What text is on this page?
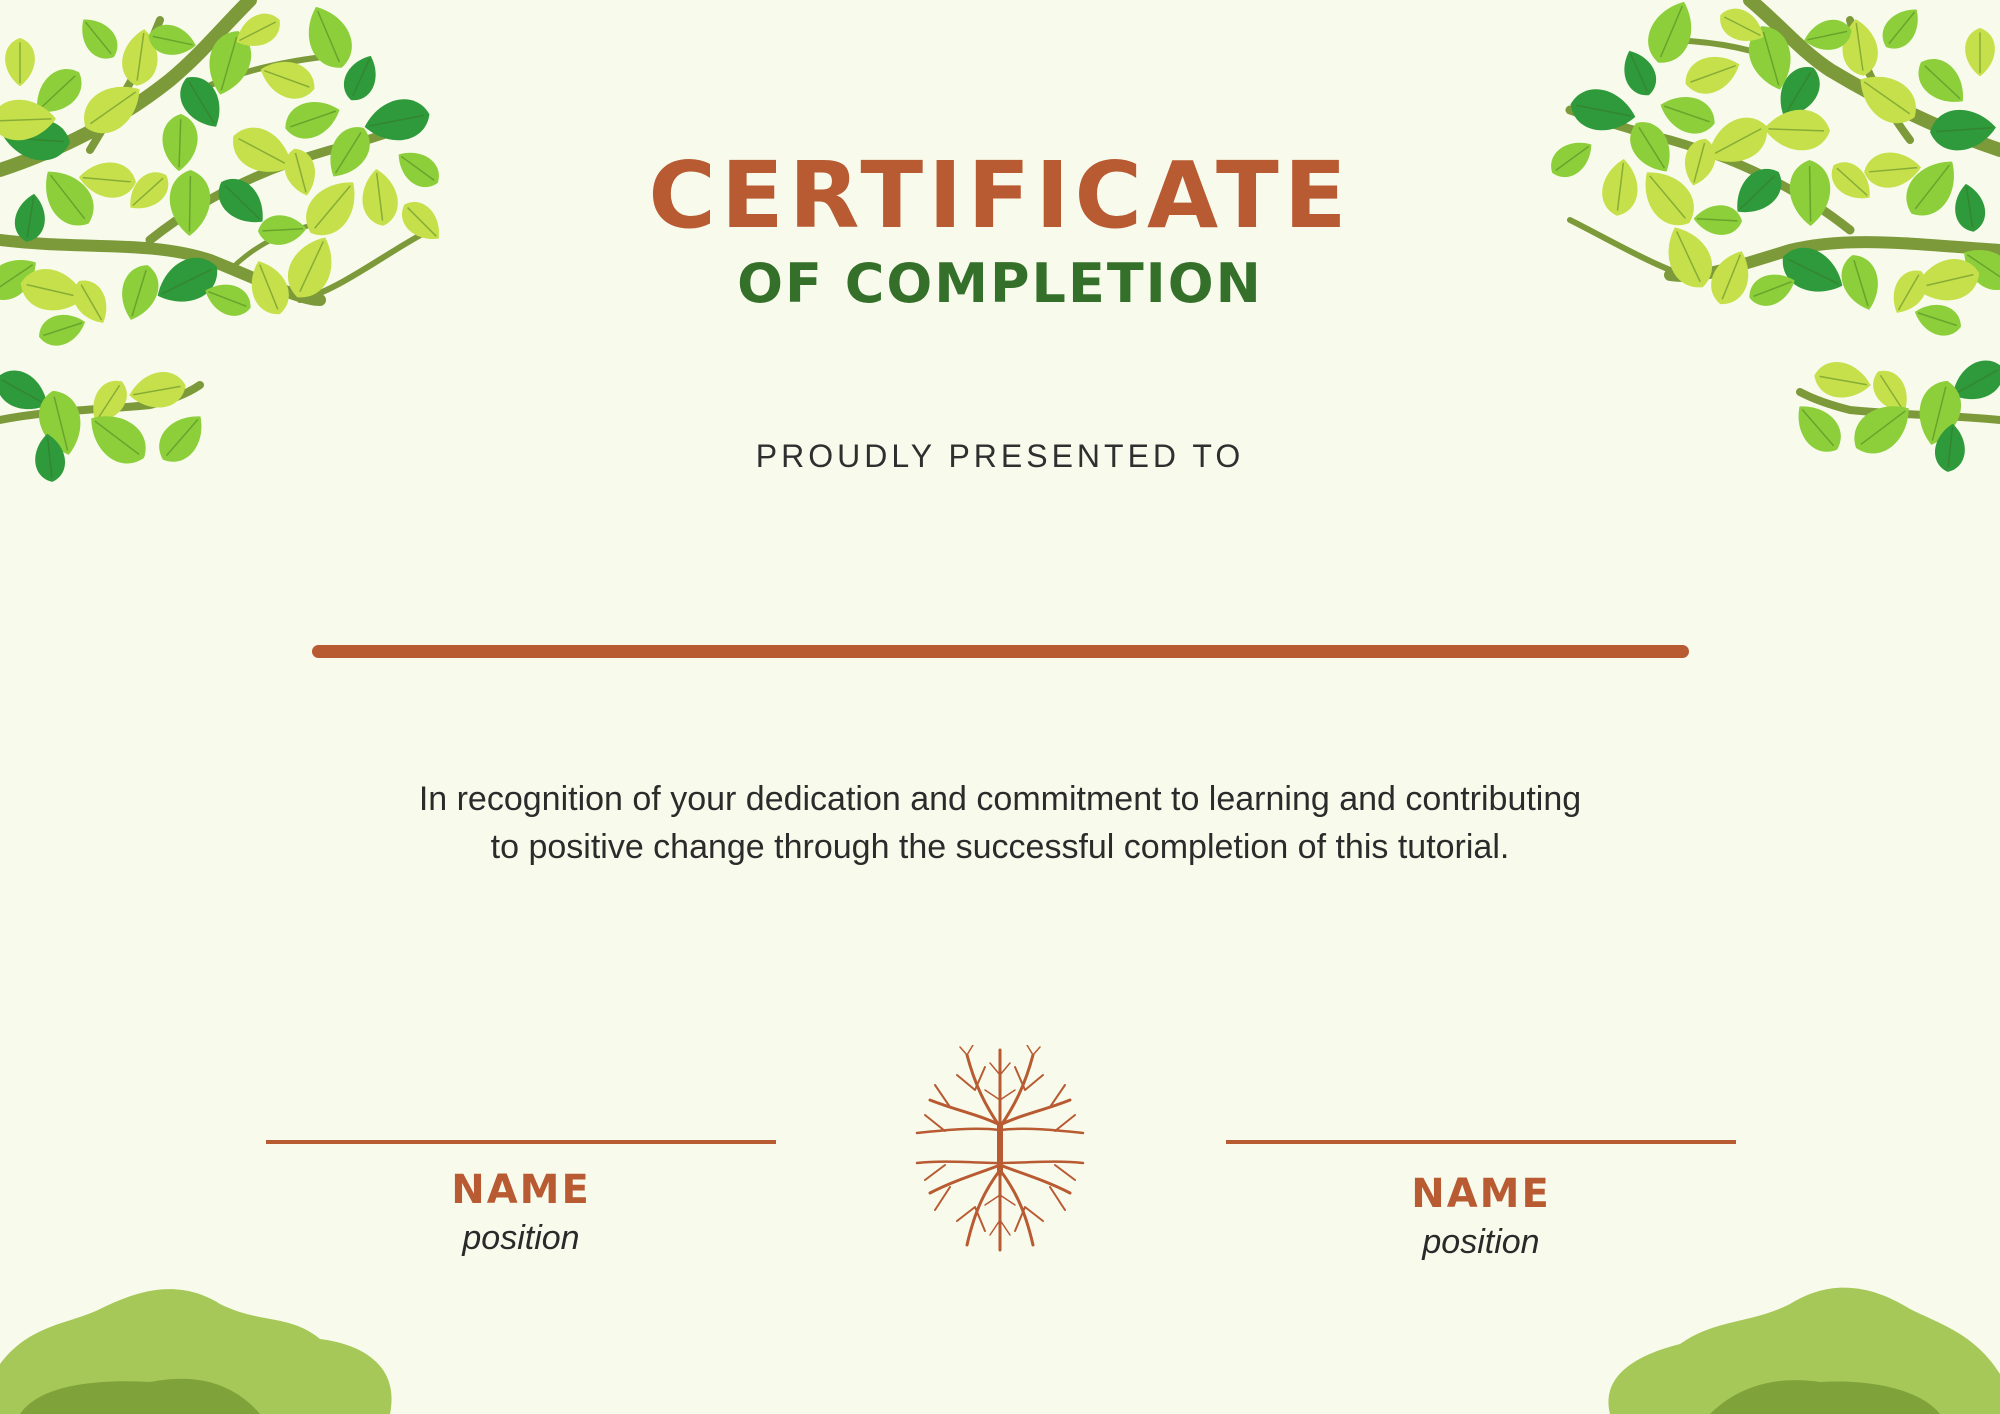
CERTIFICATE
OF COMPLETION
PROUDLY PRESENTED TO
In recognition of your dedication and commitment to learning and contributing
to positive change through the successful completion of this tutorial.
NAME
position
NAME
position
